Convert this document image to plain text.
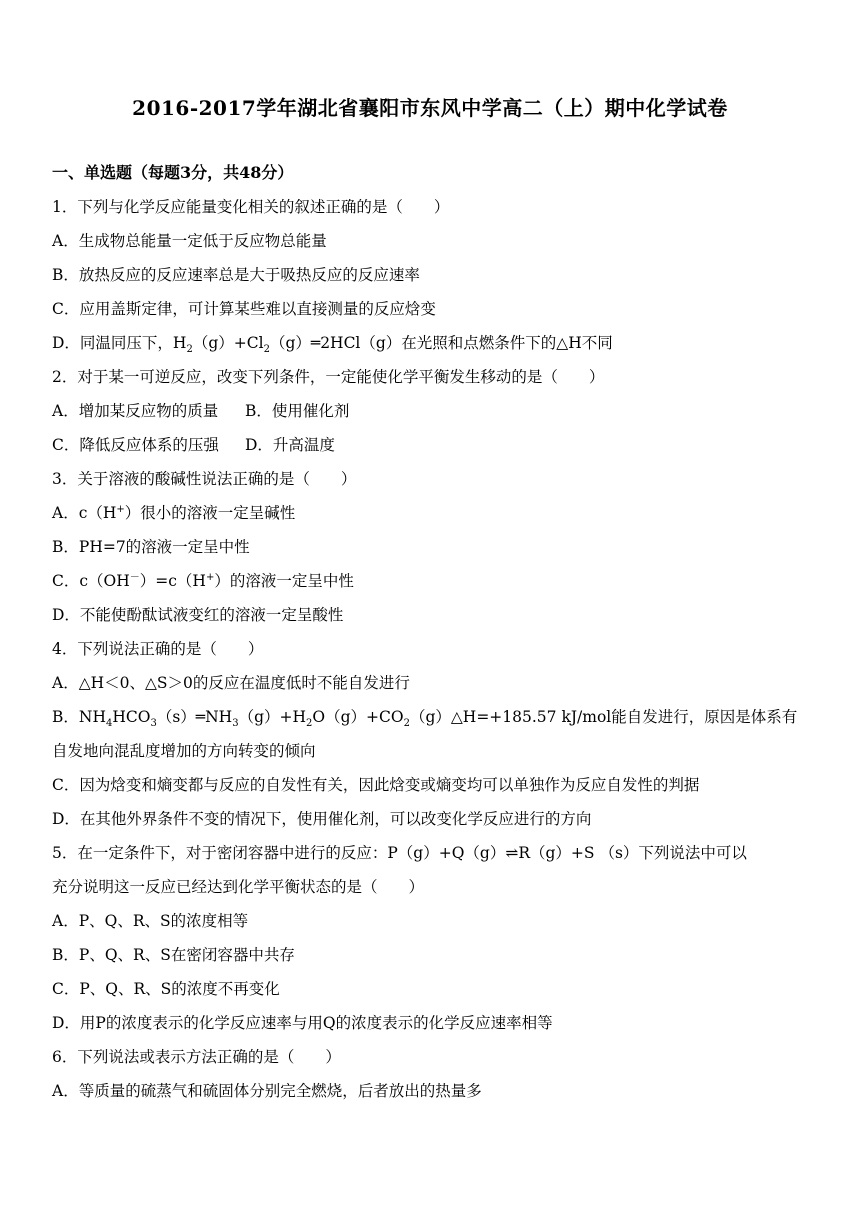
2016-2017学年湖北省襄阳市东风中学高二（上）期中化学试卷
一、单选题（每题3分，共48分）
1．下列与化学反应能量变化相关的叙述正确的是（　　）
A．生成物总能量一定低于反应物总能量
B．放热反应的反应速率总是大于吸热反应的反应速率
C．应用盖斯定律，可计算某些难以直接测量的反应焓变
D．同温同压下，$H_2(g)+Cl_2(g)═2HCl(g)$在光照和点燃条件下的△H不同
2．对于某一可逆反应，改变下列条件，一定能使化学平衡发生移动的是（　　）
A．增加某反应物的质量 B．使用催化剂
C．降低反应体系的压强 D．升高温度
3．关于溶液的酸碱性说法正确的是（　　）
A．c（H+）很小的溶液一定呈碱性
B．PH=7的溶液一定呈中性
C．c（OH－）=c（H+）的溶液一定呈中性
D．不能使酚酞试液变红的溶液一定呈酸性
4．下列说法正确的是（　　）
A．△H＜0、△S＞0的反应在温度低时不能自发进行
B．$NH_4HCO_3(s)═NH_3(g)+H_2O(g)+CO_2(g)\triangle H=+185.57$ kJ/mol能自发进行，原因是体系有
自发地向混乱度增加的方向转变的倾向
C．因为焓变和熵变都与反应的自发性有关，因此焓变或熵变均可以单独作为反应自发性的判据
D．在其他外界条件不变的情况下，使用催化剂，可以改变化学反应进行的方向
5．在一定条件下，对于密闭容器中进行的反应：P（g）+Q（g）⇌R（g）+S （s）下列说法中可以
充分说明这一反应已经达到化学平衡状态的是（　　）
A．P、Q、R、S的浓度相等
B．P、Q、R、S在密闭容器中共存
C．P、Q、R、S的浓度不再变化
D．用P的浓度表示的化学反应速率与用Q的浓度表示的化学反应速率相等
6．下列说法或表示方法正确的是（　　）
A．等质量的硫蒸气和硫固体分别完全燃烧，后者放出的热量多
